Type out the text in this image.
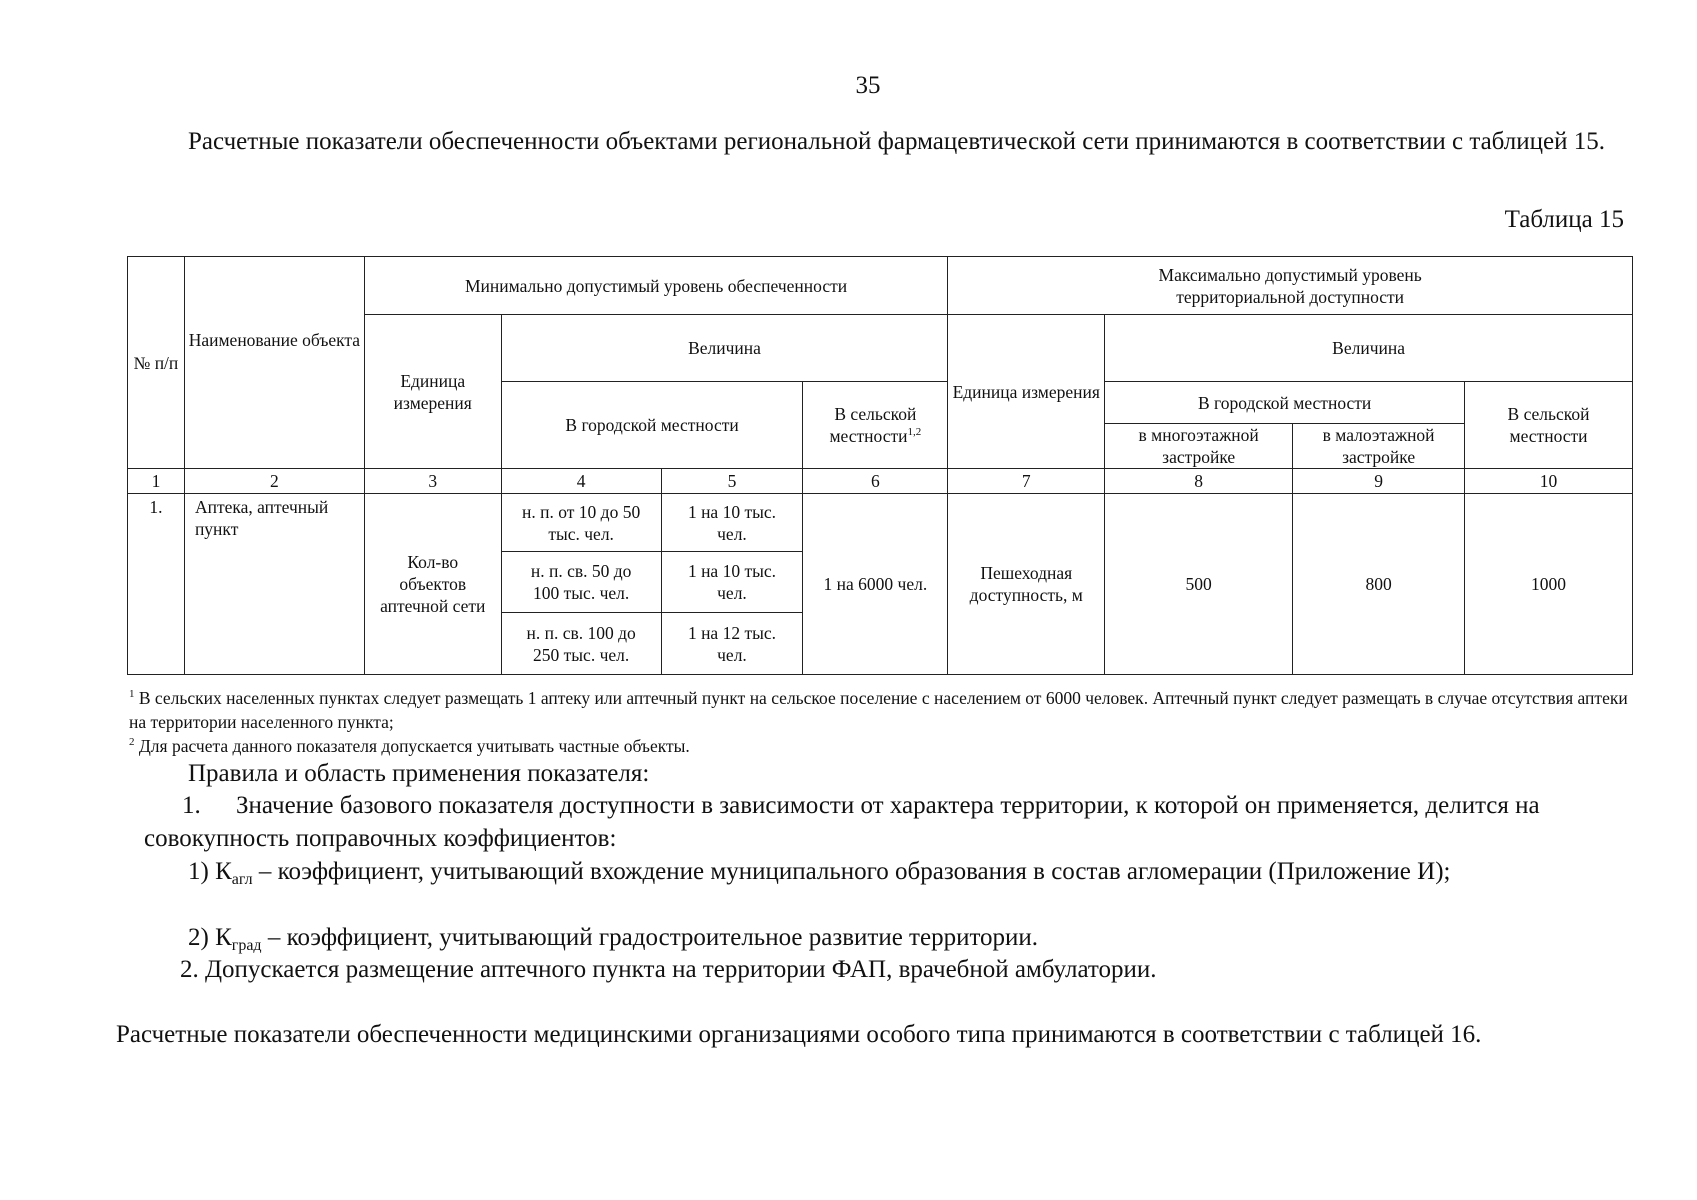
35

Расчетные показатели обеспеченности объектами региональной фармацевтической сети принимаются в соответствии с таблицей 15.

Таблица 15
№ п/п	Наименование объекта	Минимально допустимый уровень обеспеченности				Максимально допустимый уровень территориальной доступности			
		Единица измерения	Величина			Единица измерения	Величина		
			В городской местности		В сельской местности$^{1,2}$		В городской местности		В сельской местности
							в многоэтажной застройке	в малоэтажной застройке	
1	2	3	4	5	6	7	8	9	10
1.	Аптека, аптечный пункт	Кол-во объектов аптечной сети	н. п. от 10 до 50 тыс. чел.	1 на 10 тыс. чел.	1 на 6000 чел.	Пешеходная доступность, м	500	800	1000
			н. п. св. 50 до 100 тыс. чел.	1 на 10 тыс. чел.					
			н. п. св. 100 до 250 тыс. чел.	1 на 12 тыс. чел.					

$^1$ В сельских населенных пунктах следует размещать 1 аптеку или аптечный пункт на сельское поселение с населением от 6000 человек. Аптечный пункт следует размещать в случае отсутствия аптеки на территории населенного пункта;

$^2$ Для расчета данного показателя допускается учитывать частные объекты.

Правила и область применения показателя:

1.	Значение базового показателя доступности в зависимости от характера территории, к которой он применяется, делится на совокупность поправочных коэффициентов:

1) $К_{агл}$ – коэффициент, учитывающий вхождение муниципального образования в состав агломерации (Приложение И);

2) $К_{град}$ – коэффициент, учитывающий градостроительное развитие территории.

2. Допускается размещение аптечного пункта на территории ФАП, врачебной амбулатории.

Расчетные показатели обеспеченности медицинскими организациями особого типа принимаются в соответствии с таблицей 16.
